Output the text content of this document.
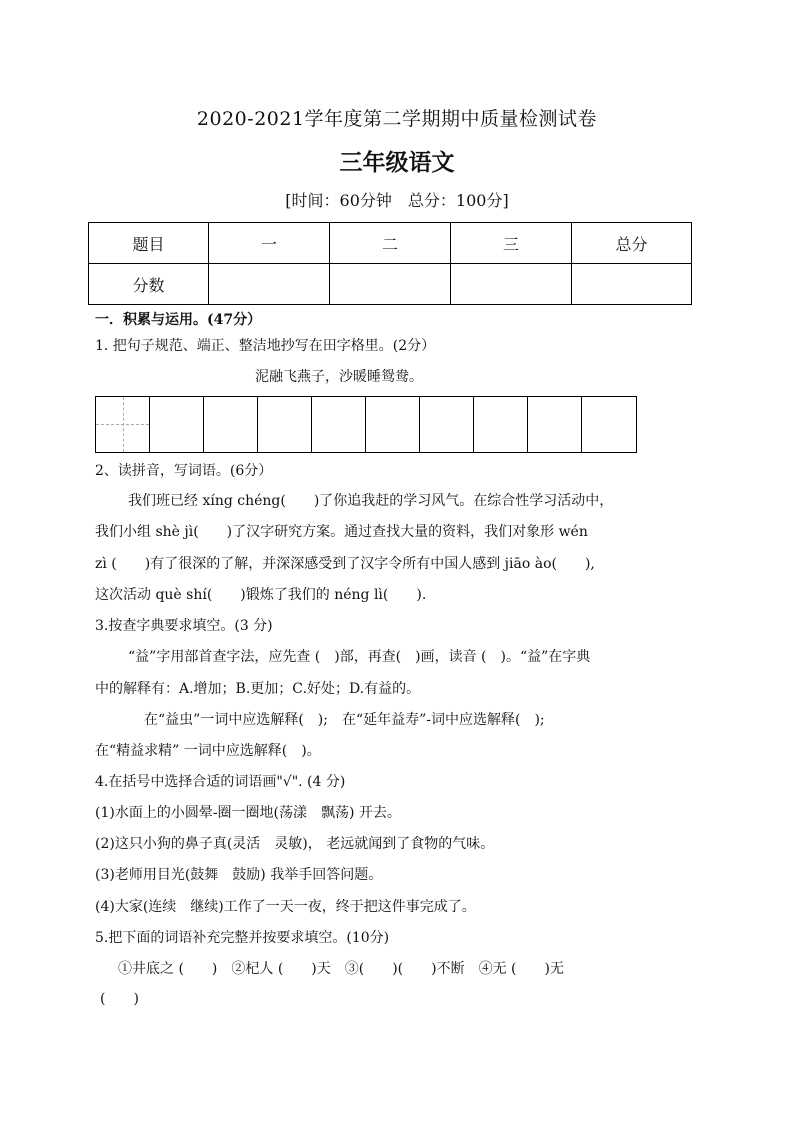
2020-2021学年度第二学期期中质量检测试卷
三年级语文
[时间：60分钟　总分：100分]
题目	一	二	三	总分
分数				
一．积累与运用。(47分）
1. 把句子规范、端正、整洁地抄写在田字格里。(2分）
泥融飞燕子，沙暖睡鸳鸯。
2、读拼音，写词语。(6分）
我们班已经 xíng chéng(　　)了你追我赶的学习风气。在综合性学习活动中，
我们小组 shè jì(　　)了汉字研究方案。通过查找大量的资料，我们对象形 wén
zì (　　)有了很深的了解，并深深感受到了汉字令所有中国人感到 jiāo ào(　　),
这次活动 què shí(　　)锻炼了我们的 néng lì(　　).
3.按查字典要求填空。(3 分)
“益”字用部首查字法，应先查 (　)部，再查(　)画，读音 (　)。“益”在字典
中的解释有：A.增加；B.更加；C.好处；D.有益的。
在“益虫”一词中应选解释(　);　在“延年益寿”-词中应选解释(　);
在“精益求精” 一词中应选解释(　)。
4.在括号中选择合适的词语画"√". (4 分)
(1)水面上的小圆晕-圈一圈地(荡漾　飘荡) 开去。
(2)这只小狗的鼻子真(灵活　灵敏)， 老远就闻到了食物的气味。
(3)老师用目光(鼓舞　鼓励) 我举手回答问题。
(4)大家(连续　继续)工作了一天一夜，终于把这件事完成了。
5.把下面的词语补充完整并按要求填空。(10分)
①井底之 (　　)　②杞人 (　　)天　③(　　)(　　)不断　④无 (　　)无
(　　)
